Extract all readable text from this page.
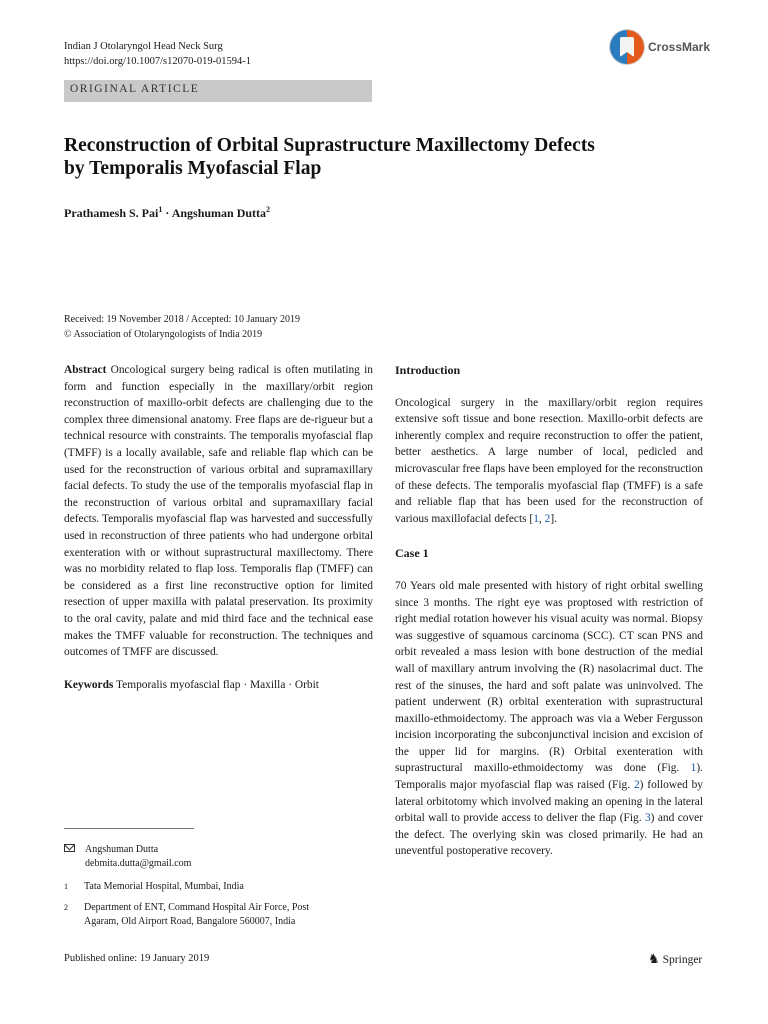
Indian J Otolaryngol Head Neck Surg
https://doi.org/10.1007/s12070-019-01594-1
CrossMark
ORIGINAL ARTICLE
Reconstruction of Orbital Suprastructure Maxillectomy Defects
by Temporalis Myofascial Flap
Prathamesh S. Pai$^1$ · Angshuman Dutta$^2$
Received: 19 November 2018 / Accepted: 10 January 2019
© Association of Otolaryngologists of India 2019

Abstract Oncological surgery being radical is often mutilating in form and function especially in the maxillary/orbit region reconstruction of maxillo-orbit defects are challenging due to the complex three dimensional anatomy. Free flaps are de-rigueur but a technical resource with constraints. The temporalis myofascial flap (TMFF) is a locally available, safe and reliable flap which can be used for the reconstruction of various orbital and supramaxillary facial defects. To study the use of the temporalis myofascial flap in the reconstruction of various orbital and supramaxillary facial defects. Temporalis myofascial flap was harvested and successfully used in reconstruction of three patients who had undergone orbital exenteration with or without suprastructural maxillectomy. There was no morbidity related to flap loss. Temporalis flap (TMFF) can be considered as a first line reconstructive option for limited resection of upper maxilla with palatal preservation. Its proximity to the oral cavity, palate and mid third face and the technical ease makes the TMFF valuable for reconstruction. The techniques and outcomes of TMFF are discussed.

Keywords Temporalis myofascial flap · Maxilla · Orbit

Angshuman Dutta
debmita.dutta@gmail.com
1 Tata Memorial Hospital, Mumbai, India
2 Department of ENT, Command Hospital Air Force, Post Agaram, Old Airport Road, Bangalore 560007, India
Introduction

Oncological surgery in the maxillary/orbit region requires extensive soft tissue and bone resection. Maxillo-orbit defects are inherently complex and require reconstruction to offer the patient, better aesthetics. A large number of local, pedicled and microvascular free flaps have been employed for the reconstruction of these defects. The temporalis myofascial flap (TMFF) is a safe and reliable flap that has been used for the reconstruction of various maxillofacial defects [1, 2].

Case 1

70 Years old male presented with history of right orbital swelling since 3 months. The right eye was proptosed with restriction of right medial rotation however his visual acuity was normal. Biopsy was suggestive of squamous carcinoma (SCC). CT scan PNS and orbit revealed a mass lesion with bone destruction of the medial wall of maxillary antrum involving the (R) nasolacrimal duct. The rest of the sinuses, the hard and soft palate was uninvolved. The patient underwent (R) orbital exenteration with suprastructural maxillo-ethmoidectomy. The approach was via a Weber Fergusson incision incorporating the subconjunctival incision and excision of the upper lid for margins. (R) Orbital exenteration with suprastructural maxillo-ethmoidectomy was done (Fig. 1). Temporalis major myofascial flap was raised (Fig. 2) followed by lateral orbitotomy which involved making an opening in the lateral orbital wall to provide access to deliver the flap (Fig. 3) and cover the defect. The overlying skin was closed primarily. He had an uneventful postoperative recovery.

Published online: 19 January 2019	♞ Springer
